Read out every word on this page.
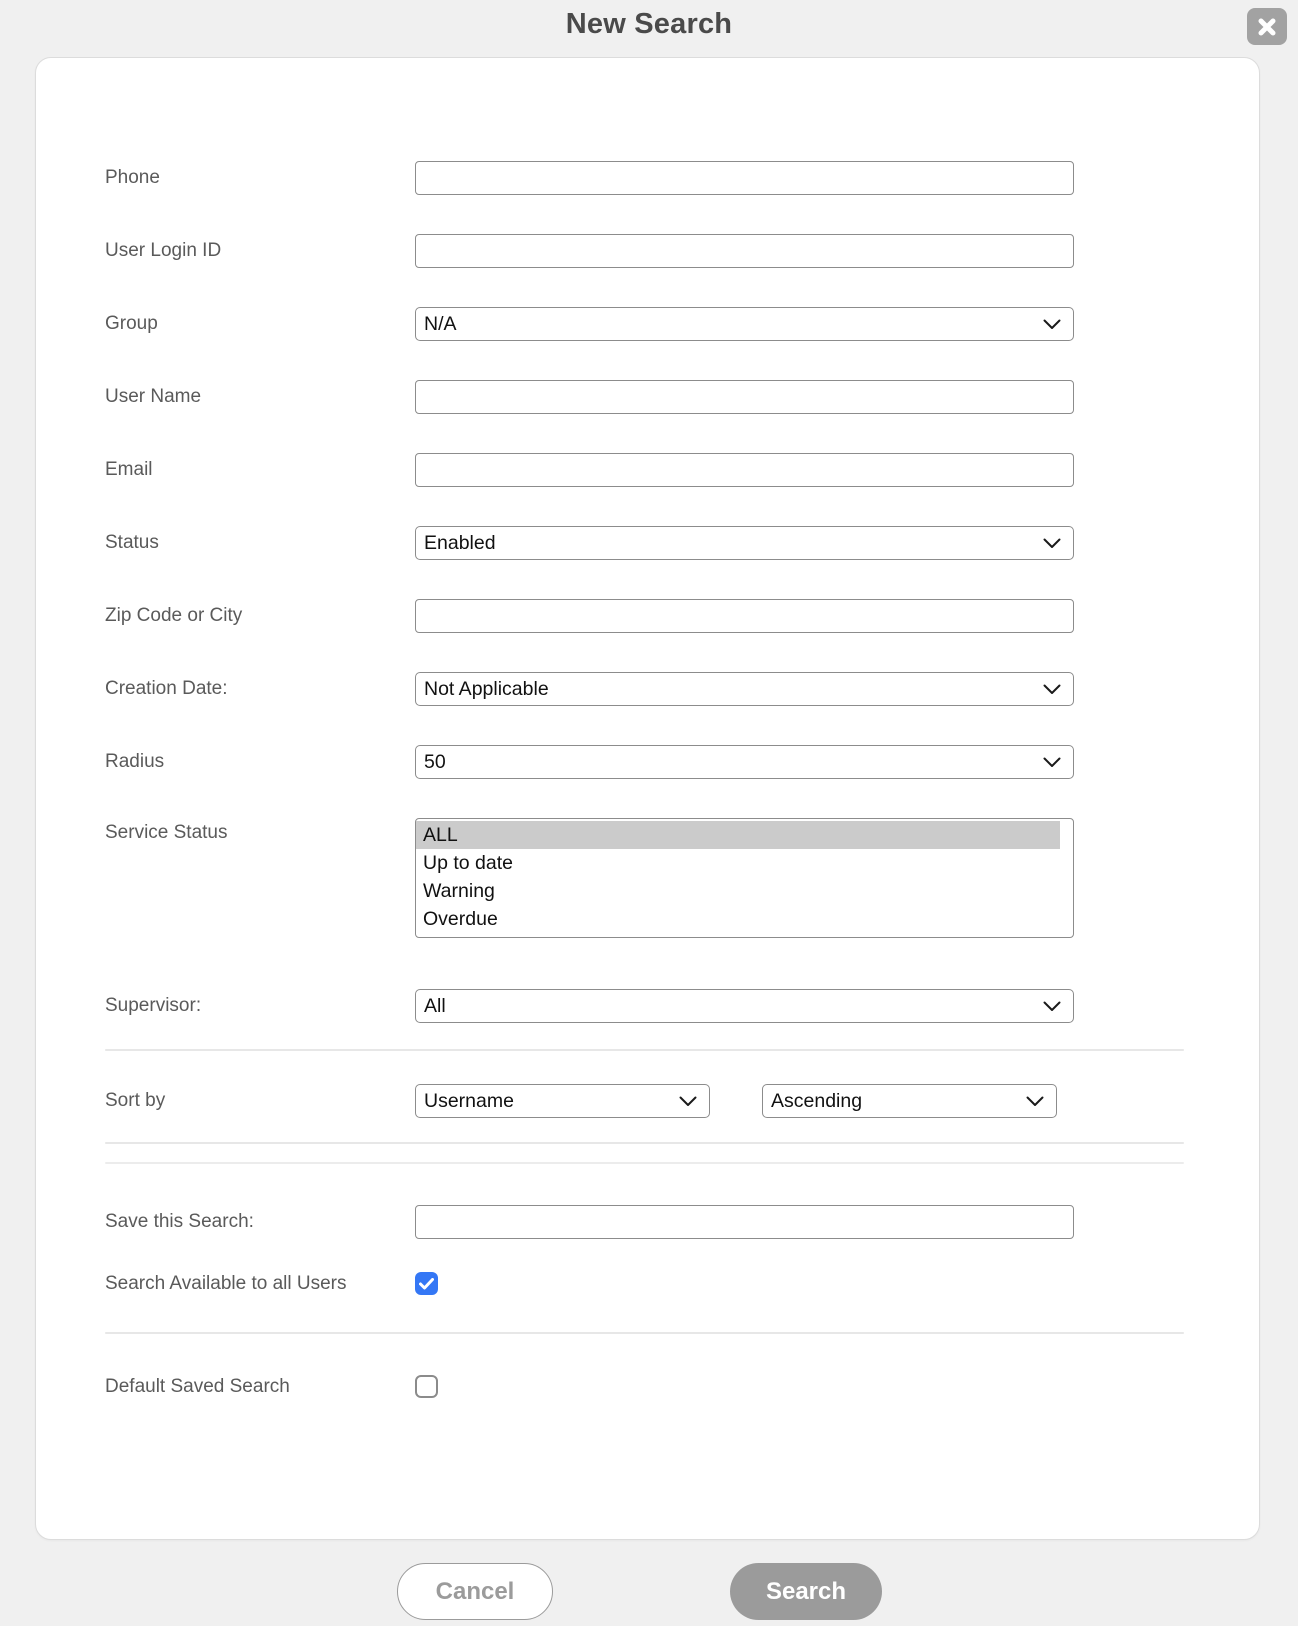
New Search
Phone
User Login ID
Group	N/A
User Name
Email
Status	Enabled
Zip Code or City
Creation Date:	Not Applicable
Radius	50
Service Status	ALL
Up to date
Warning
Overdue
Supervisor:	All
Sort by	Username	Ascending
Save this Search:
Search Available to all Users
Default Saved Search
Cancel	Search
